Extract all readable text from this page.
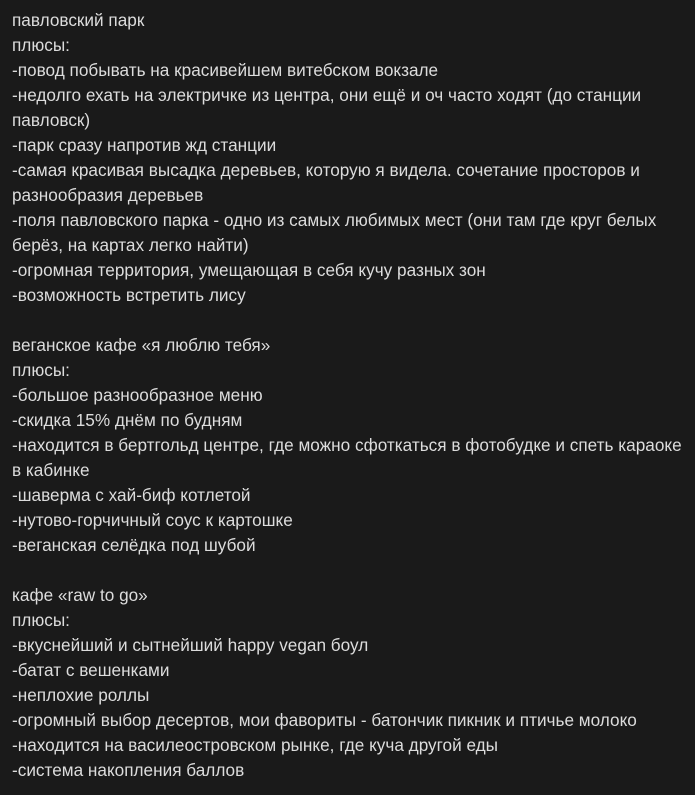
павловский парк
плюсы:
-повод побывать на красивейшем витебском вокзале
-недолго ехать на электричке из центра, они ещё и оч часто ходят (до станции павловск)
-парк сразу напротив жд станции
-самая красивая высадка деревьев, которую я видела. сочетание просторов и разнообразия деревьев
-поля павловского парка - одно из самых любимых мест (они там где круг белых берёз, на картах легко найти)
-огромная территория, умещающая в себя кучу разных зон
-возможность встретить лису
веганское кафе «я люблю тебя»
плюсы:
-большое разнообразное меню
-скидка 15% днём по будням
-находится в бертгольд центре, где можно сфоткаться в фотобудке и спеть караоке в кабинке
-шаверма с хай-биф котлетой
-нутово-горчичный соус к картошке
-веганская селёдка под шубой
кафе «raw to go»
плюсы:
-вкуснейший и сытнейший happy vegan боул
-батат с вешенками
-неплохие роллы
-огромный выбор десертов, мои фавориты - батончик пикник и птичье молоко
-находится на василеостровском рынке, где куча другой еды
-система накопления баллов
